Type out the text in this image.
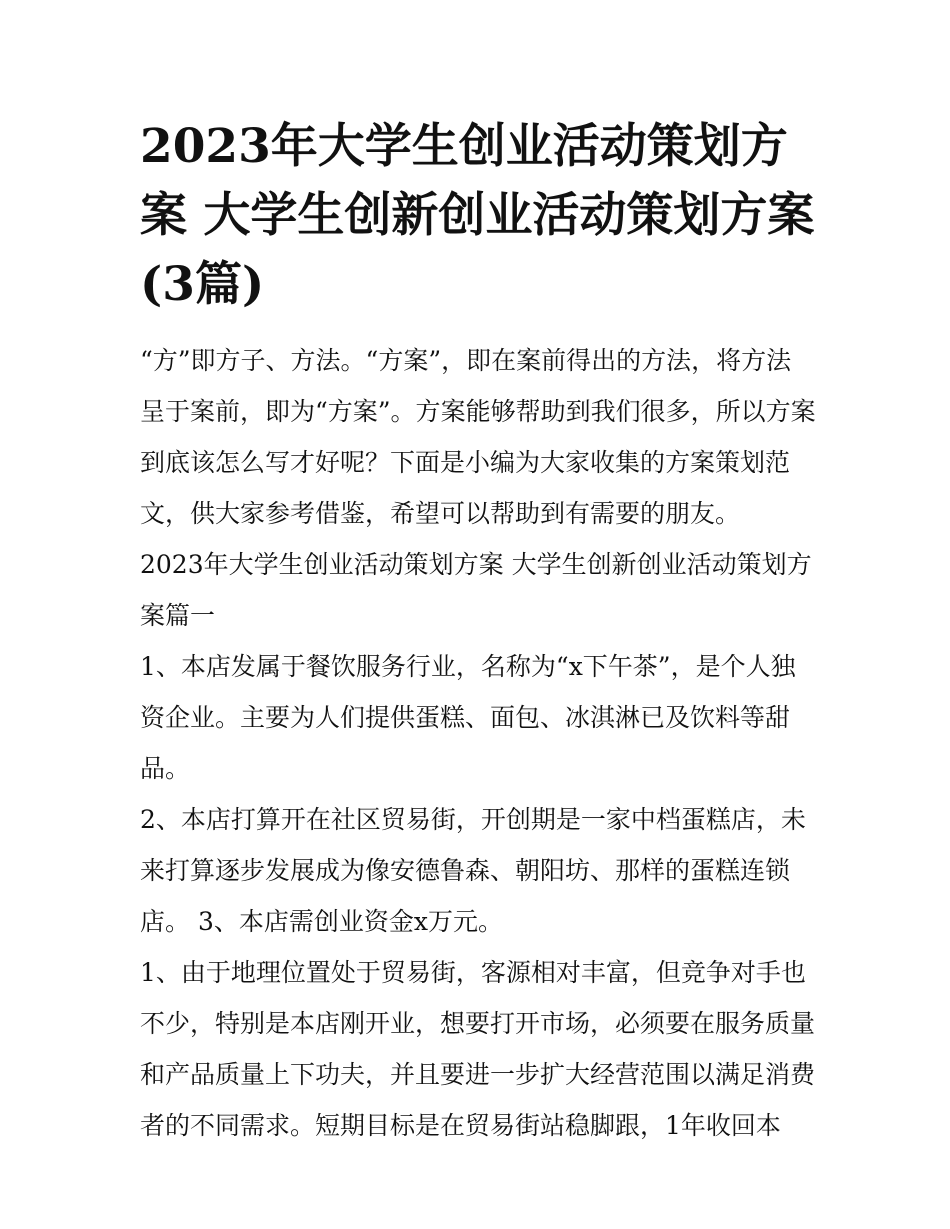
2023年大学生创业活动策划方案 大学生创新创业活动策划方案(3篇)

“方”即方子、方法。“方案”，即在案前得出的方法，将方法呈于案前，即为“方案”。方案能够帮助到我们很多，所以方案到底该怎么写才好呢？下面是小编为大家收集的方案策划范文，供大家参考借鉴，希望可以帮助到有需要的朋友。

2023年大学生创业活动策划方案 大学生创新创业活动策划方案篇一

1、本店发属于餐饮服务行业，名称为“x下午茶”，是个人独资企业。主要为人们提供蛋糕、面包、冰淇淋已及饮料等甜品。

2、本店打算开在社区贸易街，开创期是一家中档蛋糕店，未来打算逐步发展成为像安德鲁森、朝阳坊、那样的蛋糕连锁店。 3、本店需创业资金x万元。

1、由于地理位置处于贸易街，客源相对丰富，但竞争对手也不少，特别是本店刚开业，想要打开市场，必须要在服务质量和产品质量上下功夫，并且要进一步扩大经营范围以满足消费者的不同需求。短期目标是在贸易街站稳脚跟，1年收回本
